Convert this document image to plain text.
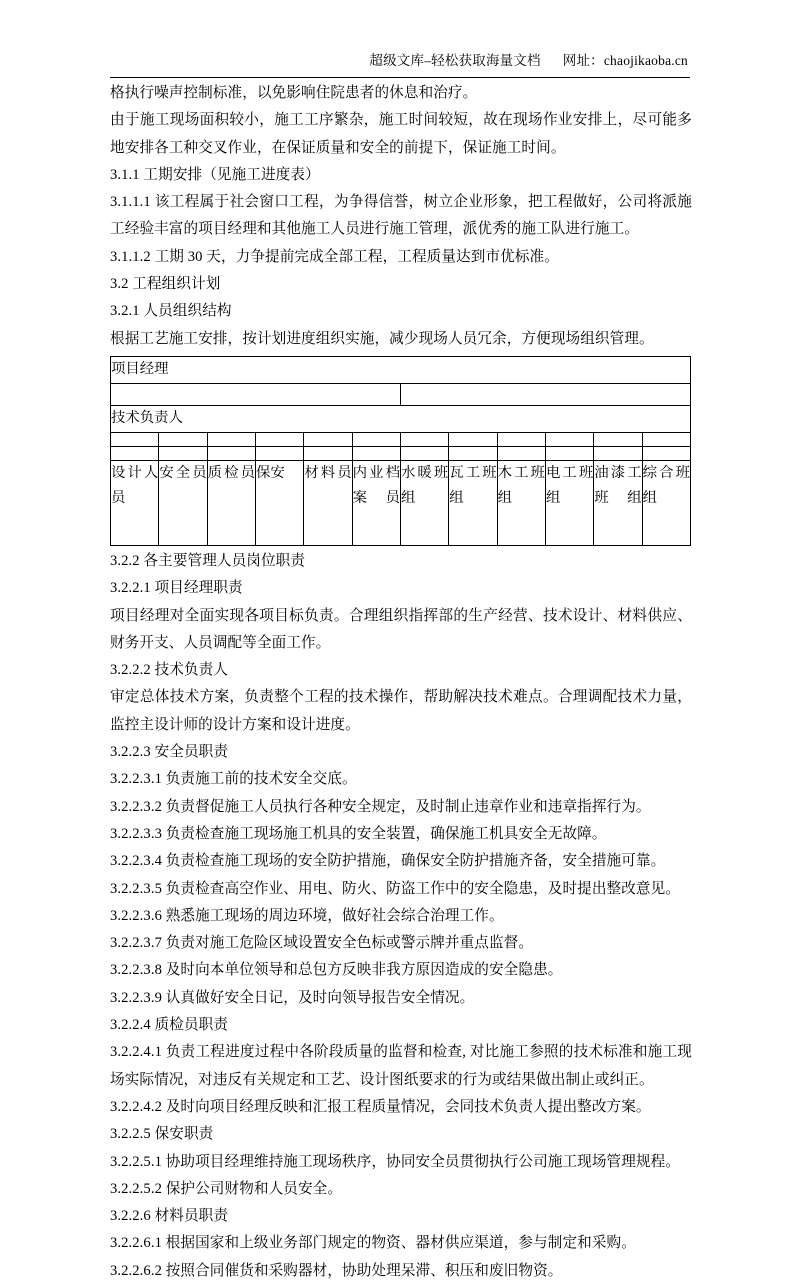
超级文库–轻松获取海量文档 网址：chaojikaoba.cn

格执行噪声控制标准，以免影响住院患者的休息和治疗。

由于施工现场面积较小，施工工序繁杂，施工时间较短，故在现场作业安排上，尽可能多地安排各工种交叉作业，在保证质量和安全的前提下，保证施工时间。

3.1.1 工期安排（见施工进度表）

3.1.1.1 该工程属于社会窗口工程，为争得信誉，树立企业形象，把工程做好，公司将派施工经验丰富的项目经理和其他施工人员进行施工管理，派优秀的施工队进行施工。

3.1.1.2 工期 30 天，力争提前完成全部工程，工程质量达到市优标准。

3.2 工程组织计划

3.2.1 人员组织结构

根据工艺施工安排，按计划进度组织实施，减少现场人员冗余，方便现场组织管理。

项目经理											

技术负责人											

设计人员	安全员	质检员	保安	材料员	内业档案员	水暖班组	瓦工班组	木工班组	电工班组	油漆工班组	综合班组

3.2.2 各主要管理人员岗位职责

3.2.2.1 项目经理职责

项目经理对全面实现各项目标负责。合理组织指挥部的生产经营、技术设计、材料供应、财务开支、人员调配等全面工作。

3.2.2.2 技术负责人

审定总体技术方案，负责整个工程的技术操作，帮助解决技术难点。合理调配技术力量，监控主设计师的设计方案和设计进度。

3.2.2.3 安全员职责

3.2.2.3.1 负责施工前的技术安全交底。

3.2.2.3.2 负责督促施工人员执行各种安全规定，及时制止违章作业和违章指挥行为。

3.2.2.3.3 负责检查施工现场施工机具的安全装置，确保施工机具安全无故障。

3.2.2.3.4 负责检查施工现场的安全防护措施，确保安全防护措施齐备，安全措施可靠。

3.2.2.3.5 负责检查高空作业、用电、防火、防盗工作中的安全隐患，及时提出整改意见。

3.2.2.3.6 熟悉施工现场的周边环境，做好社会综合治理工作。

3.2.2.3.7 负责对施工危险区域设置安全色标或警示牌并重点监督。

3.2.2.3.8 及时向本单位领导和总包方反映非我方原因造成的安全隐患。

3.2.2.3.9 认真做好安全日记，及时向领导报告安全情况。

3.2.2.4 质检员职责

3.2.2.4.1 负责工程进度过程中各阶段质量的监督和检查, 对比施工参照的技术标准和施工现场实际情况，对违反有关规定和工艺、设计图纸要求的行为或结果做出制止或纠正。

3.2.2.4.2 及时向项目经理反映和汇报工程质量情况，会同技术负责人提出整改方案。

3.2.2.5 保安职责

3.2.2.5.1 协助项目经理维持施工现场秩序，协同安全员贯彻执行公司施工现场管理规程。

3.2.2.5.2 保护公司财物和人员安全。

3.2.2.6 材料员职责

3.2.2.6.1 根据国家和上级业务部门规定的物资、器材供应渠道，参与制定和采购。

3.2.2.6.2 按照合同催货和采购器材，协助处理呆滞、积压和废旧物资。
